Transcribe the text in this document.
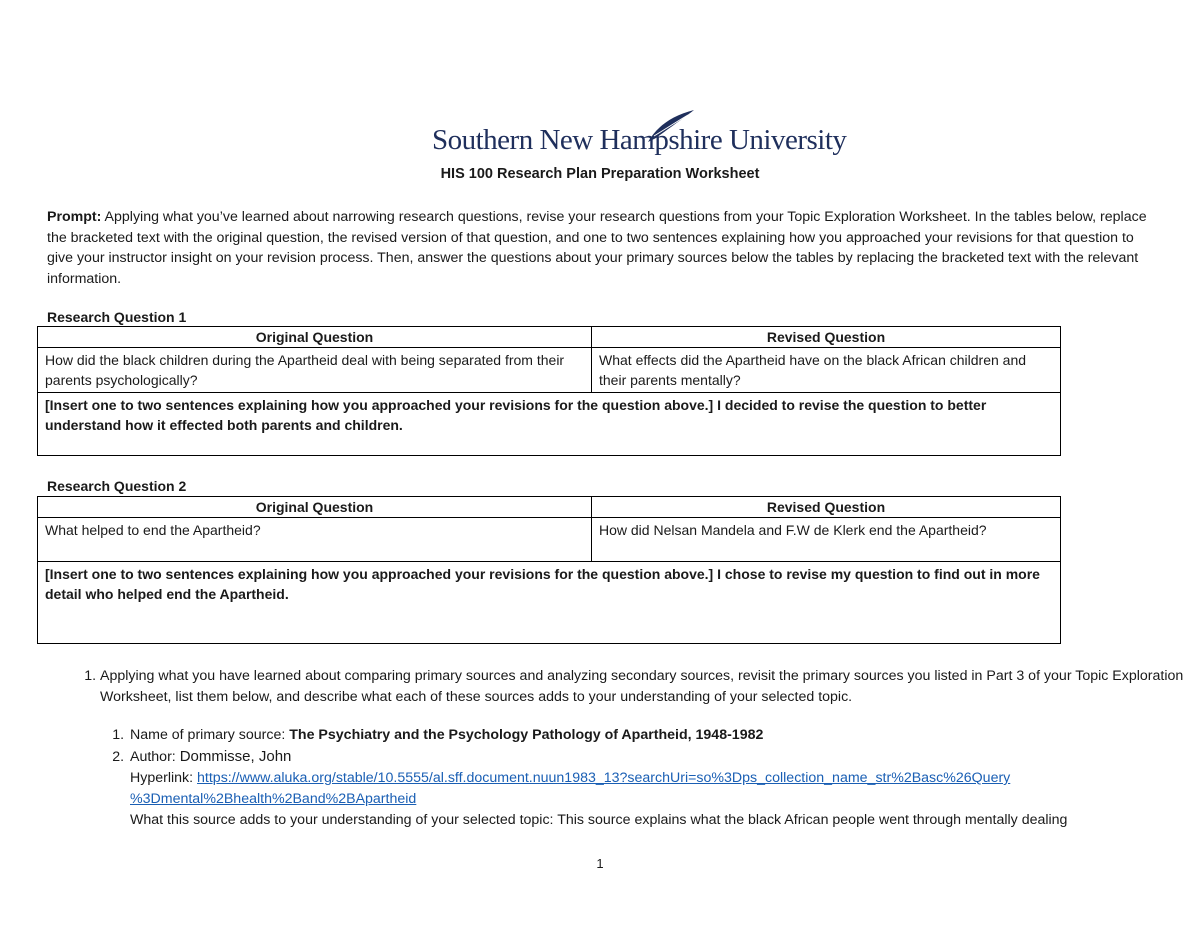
Southern New Hampshire University
HIS 100 Research Plan Preparation Worksheet
Prompt: Applying what you’ve learned about narrowing research questions, revise your research questions from your Topic Exploration Worksheet. In the tables below, replace the bracketed text with the original question, the revised version of that question, and one to two sentences explaining how you approached your revisions for that question to give your instructor insight on your revision process. Then, answer the questions about your primary sources below the tables by replacing the bracketed text with the relevant information.
Research Question 1
Original Question	Revised Question
How did the black children during the Apartheid deal with being separated from their parents psychologically?	What effects did the Apartheid have on the black African children and their parents mentally?
[Insert one to two sentences explaining how you approached your revisions for the question above.] I decided to revise the question to better understand how it effected both parents and children.	
Research Question 2
Original Question	Revised Question
What helped to end the Apartheid?	How did Nelsan Mandela and F.W de Klerk end the Apartheid?
[Insert one to two sentences explaining how you approached your revisions for the question above.] I chose to revise my question to find out in more detail who helped end the Apartheid.	
1. Applying what you have learned about comparing primary sources and analyzing secondary sources, revisit the primary sources you listed in Part 3 of your Topic Exploration Worksheet, list them below, and describe what each of these sources adds to your understanding of your selected topic.
1. Name of primary source: The Psychiatry and the Psychology Pathology of Apartheid, 1948-1982
2. Author: Dommisse, John
Hyperlink: https://www.aluka.org/stable/10.5555/al.sff.document.nuun1983_13?searchUri=so%3Dps_collection_name_str%2Basc%26Query
%3Dmental%2Bhealth%2Band%2BApartheid
What this source adds to your understanding of your selected topic: This source explains what the black African people went through mentally dealing
1
